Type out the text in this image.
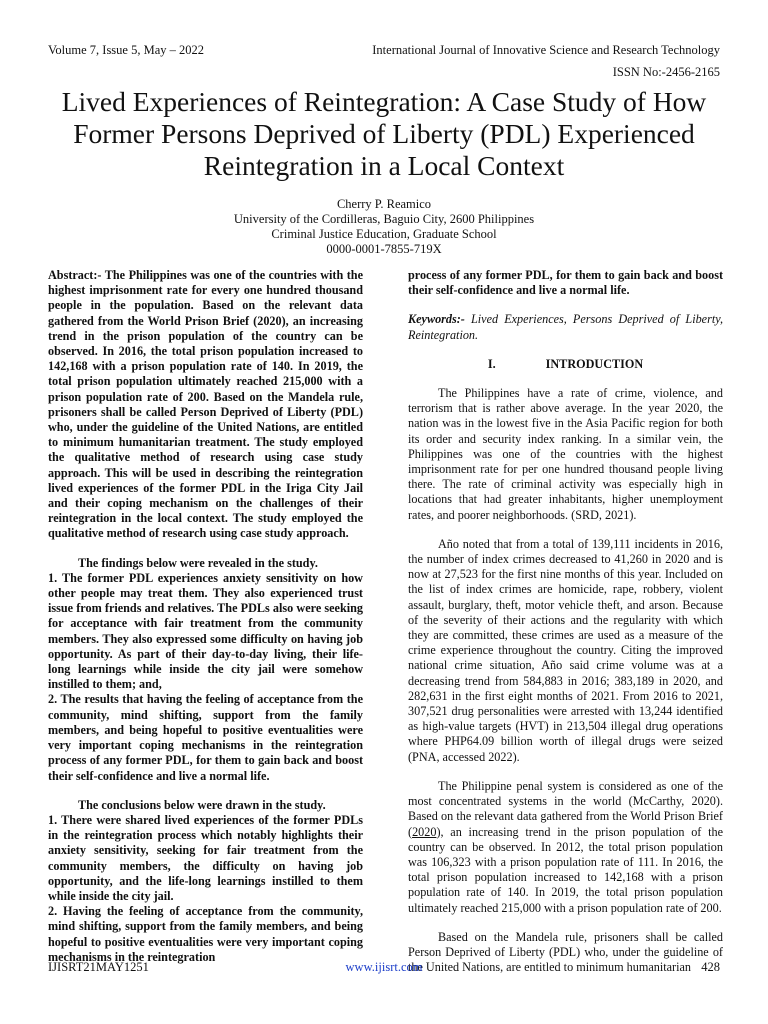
Volume 7, Issue 5, May – 2022	International Journal of Innovative Science and Research Technology
ISSN No:-2456-2165
Lived Experiences of Reintegration: A Case Study of How Former Persons Deprived of Liberty (PDL) Experienced Reintegration in a Local Context
Cherry P. Reamico
University of the Cordilleras, Baguio City, 2600 Philippines
Criminal Justice Education, Graduate School
0000-0001-7855-719X

Abstract:- The Philippines was one of the countries with the highest imprisonment rate for every one hundred thousand people in the population. Based on the relevant data gathered from the World Prison Brief (2020), an increasing trend in the prison population of the country can be observed. In 2016, the total prison population increased to 142,168 with a prison population rate of 140. In 2019, the total prison population ultimately reached 215,000 with a prison population rate of 200. Based on the Mandela rule, prisoners shall be called Person Deprived of Liberty (PDL) who, under the guideline of the United Nations, are entitled to minimum humanitarian treatment. The study employed the qualitative method of research using case study approach. This will be used in describing the reintegration lived experiences of the former PDL in the Iriga City Jail and their coping mechanism on the challenges of their reintegration in the local context. The study employed the qualitative method of research using case study approach.

The findings below were revealed in the study.

1. The former PDL experiences anxiety sensitivity on how other people may treat them. They also experienced trust issue from friends and relatives. The PDLs also were seeking for acceptance with fair treatment from the community members. They also expressed some difficulty on having job opportunity. As part of their day-to-day living, their life-long learnings while inside the city jail were somehow instilled to them; and,

2. The results that having the feeling of acceptance from the community, mind shifting, support from the family members, and being hopeful to positive eventualities were very important coping mechanisms in the reintegration process of any former PDL, for them to gain back and boost their self-confidence and live a normal life.

The conclusions below were drawn in the study.

1. There were shared lived experiences of the former PDLs in the reintegration process which notably highlights their anxiety sensitivity, seeking for fair treatment from the community members, the difficulty on having job opportunity, and the life-long learnings instilled to them while inside the city jail.

2. Having the feeling of acceptance from the community, mind shifting, support from the family members, and being hopeful to positive eventualities were very important coping mechanisms in the reintegration

process of any former PDL, for them to gain back and boost their self-confidence and live a normal life.

Keywords:- Lived Experiences, Persons Deprived of Liberty, Reintegration.

I.	INTRODUCTION

The Philippines have a rate of crime, violence, and terrorism that is rather above average. In the year 2020, the nation was in the lowest five in the Asia Pacific region for both its order and security index ranking. In a similar vein, the Philippines was one of the countries with the highest imprisonment rate for per one hundred thousand people living there. The rate of criminal activity was especially high in locations that had greater inhabitants, higher unemployment rates, and poorer neighborhoods. (SRD, 2021).

Año noted that from a total of 139,111 incidents in 2016, the number of index crimes decreased to 41,260 in 2020 and is now at 27,523 for the first nine months of this year. Included on the list of index crimes are homicide, rape, robbery, violent assault, burglary, theft, motor vehicle theft, and arson. Because of the severity of their actions and the regularity with which they are committed, these crimes are used as a measure of the crime experience throughout the country. Citing the improved national crime situation, Año said crime volume was at a decreasing trend from 584,883 in 2016; 383,189 in 2020, and 282,631 in the first eight months of 2021. From 2016 to 2021, 307,521 drug personalities were arrested with 13,244 identified as high-value targets (HVT) in 213,504 illegal drug operations where PHP64.09 billion worth of illegal drugs were seized (PNA, accessed 2022).

The Philippine penal system is considered as one of the most concentrated systems in the world (McCarthy, 2020). Based on the relevant data gathered from the World Prison Brief (2020), an increasing trend in the prison population of the country can be observed. In 2012, the total prison population was 106,323 with a prison population rate of 111. In 2016, the total prison population increased to 142,168 with a prison population rate of 140. In 2019, the total prison population ultimately reached 215,000 with a prison population rate of 200.

Based on the Mandela rule, prisoners shall be called Person Deprived of Liberty (PDL) who, under the guideline of the United Nations, are entitled to minimum humanitarian

IJISRT21MAY1251	www.ijisrt.com	428
